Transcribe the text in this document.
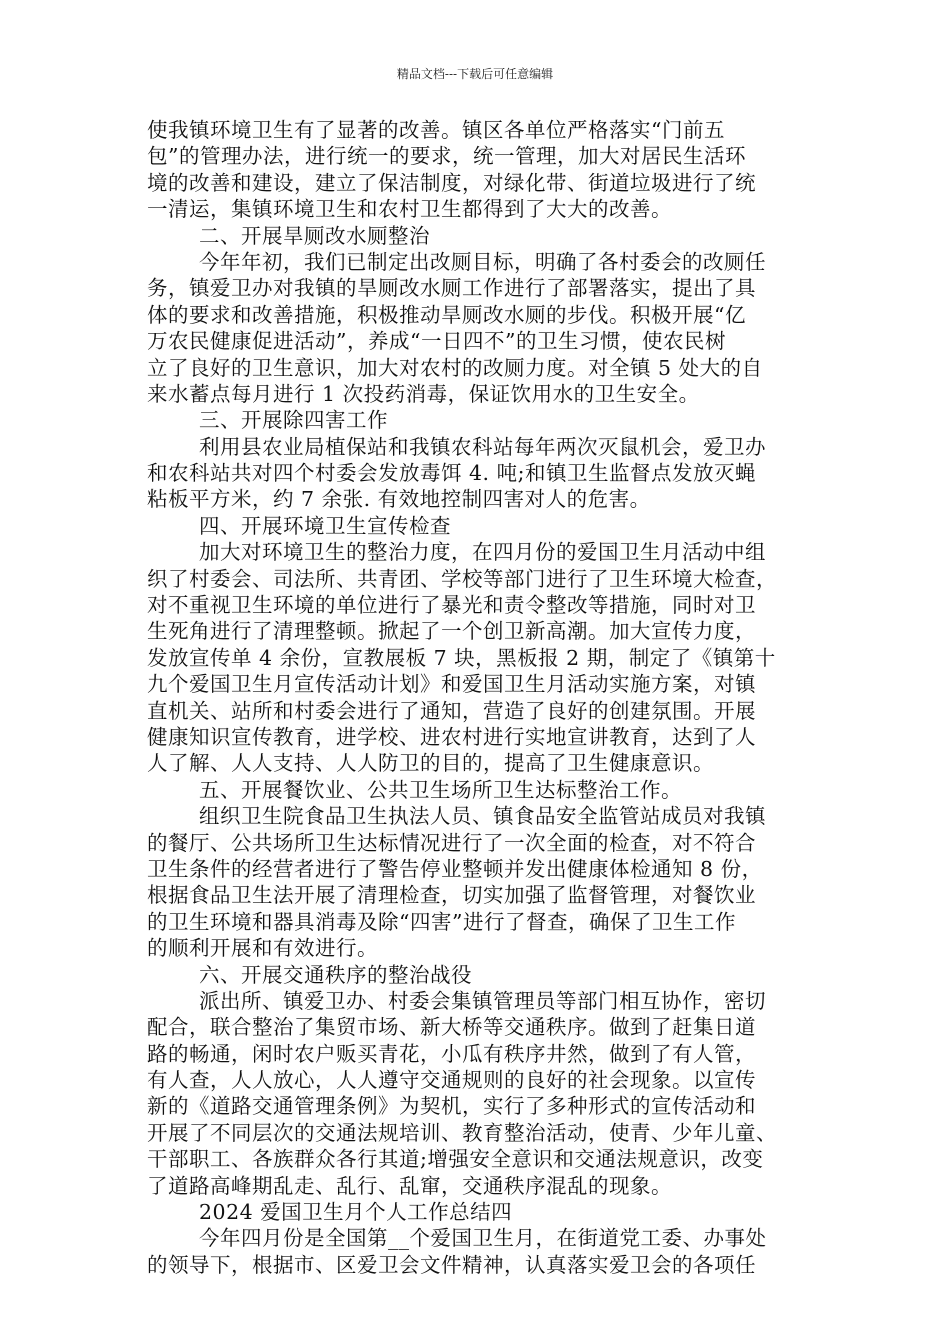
精品文档---下载后可任意编辑
使我镇环境卫生有了显著的改善。镇区各单位严格落实“门前五
包”的管理办法，进行统一的要求，统一管理，加大对居民生活环
境的改善和建设，建立了保洁制度，对绿化带、街道垃圾进行了统
一清运，集镇环境卫生和农村卫生都得到了大大的改善。
二、开展旱厕改水厕整治
今年年初，我们已制定出改厕目标，明确了各村委会的改厕任
务，镇爱卫办对我镇的旱厕改水厕工作进行了部署落实，提出了具
体的要求和改善措施，积极推动旱厕改水厕的步伐。积极开展“亿
万农民健康促进活动”，养成“一日四不”的卫生习惯，使农民树
立了良好的卫生意识，加大对农村的改厕力度。对全镇 5 处大的自
来水蓄点每月进行 1 次投药消毒，保证饮用水的卫生安全。
三、开展除四害工作
利用县农业局植保站和我镇农科站每年两次灭鼠机会，爱卫办
和农科站共对四个村委会发放毒饵 4. 吨;和镇卫生监督点发放灭蝇
粘板平方米，约 7 余张. 有效地控制四害对人的危害。
四、开展环境卫生宣传检查
加大对环境卫生的整治力度，在四月份的爱国卫生月活动中组
织了村委会、司法所、共青团、学校等部门进行了卫生环境大检查，
对不重视卫生环境的单位进行了暴光和责令整改等措施，同时对卫
生死角进行了清理整顿。掀起了一个创卫新高潮。加大宣传力度，
发放宣传单 4 余份，宣教展板 7 块，黑板报 2 期，制定了《镇第十
九个爱国卫生月宣传活动计划》和爱国卫生月活动实施方案，对镇
直机关、站所和村委会进行了通知，营造了良好的创建氛围。开展
健康知识宣传教育，进学校、进农村进行实地宣讲教育，达到了人
人了解、人人支持、人人防卫的目的，提高了卫生健康意识。
五、开展餐饮业、公共卫生场所卫生达标整治工作。
组织卫生院食品卫生执法人员、镇食品安全监管站成员对我镇
的餐厅、公共场所卫生达标情况进行了一次全面的检查，对不符合
卫生条件的经营者进行了警告停业整顿并发出健康体检通知 8 份，
根据食品卫生法开展了清理检查，切实加强了监督管理，对餐饮业
的卫生环境和器具消毒及除“四害”进行了督查，确保了卫生工作
的顺利开展和有效进行。
六、开展交通秩序的整治战役
派出所、镇爱卫办、村委会集镇管理员等部门相互协作，密切
配合，联合整治了集贸市场、新大桥等交通秩序。做到了赶集日道
路的畅通，闲时农户贩买青花，小瓜有秩序井然，做到了有人管，
有人查，人人放心，人人遵守交通规则的良好的社会现象。以宣传
新的《道路交通管理条例》为契机，实行了多种形式的宣传活动和
开展了不同层次的交通法规培训、教育整治活动，使青、少年儿童、
干部职工、各族群众各行其道;增强安全意识和交通法规意识，改变
了道路高峰期乱走、乱行、乱窜，交通秩序混乱的现象。
2024 爱国卫生月个人工作总结四
今年四月份是全国第__个爱国卫生月，在街道党工委、办事处
的领导下，根据市、区爱卫会文件精神，认真落实爱卫会的各项任
